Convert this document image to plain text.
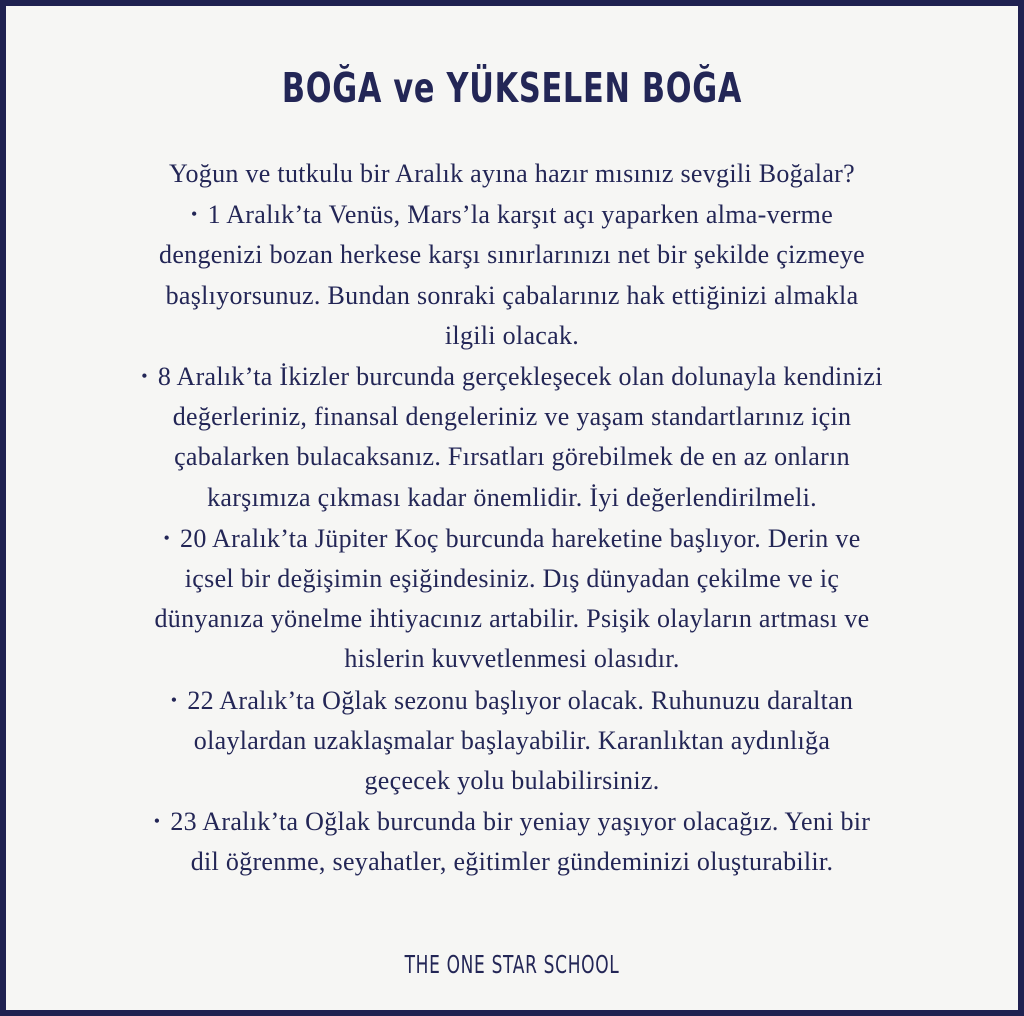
BOĞA ve YÜKSELEN BOĞA

Yoğun ve tutkulu bir Aralık ayına hazır mısınız sevgili Boğalar?

• 1 Aralık’ta Venüs, Mars’la karşıt açı yaparken alma-verme

dengenizi bozan herkese karşı sınırlarınızı net bir şekilde çizmeye

başlıyorsunuz. Bundan sonraki çabalarınız hak ettiğinizi almakla

ilgili olacak.

• 8 Aralık’ta İkizler burcunda gerçekleşecek olan dolunayla kendinizi

değerleriniz, finansal dengeleriniz ve yaşam standartlarınız için

çabalarken bulacaksanız. Fırsatları görebilmek de en az onların

karşımıza çıkması kadar önemlidir. İyi değerlendirilmeli.

• 20 Aralık’ta Jüpiter Koç burcunda hareketine başlıyor. Derin ve

içsel bir değişimin eşiğindesiniz. Dış dünyadan çekilme ve iç

dünyanıza yönelme ihtiyacınız artabilir. Psişik olayların artması ve

hislerin kuvvetlenmesi olasıdır.

• 22 Aralık’ta Oğlak sezonu başlıyor olacak. Ruhunuzu daraltan

olaylardan uzaklaşmalar başlayabilir. Karanlıktan aydınlığa

geçecek yolu bulabilirsiniz.

• 23 Aralık’ta Oğlak burcunda bir yeniay yaşıyor olacağız. Yeni bir

dil öğrenme, seyahatler, eğitimler gündeminizi oluşturabilir.

THE ONE STAR SCHOOL
